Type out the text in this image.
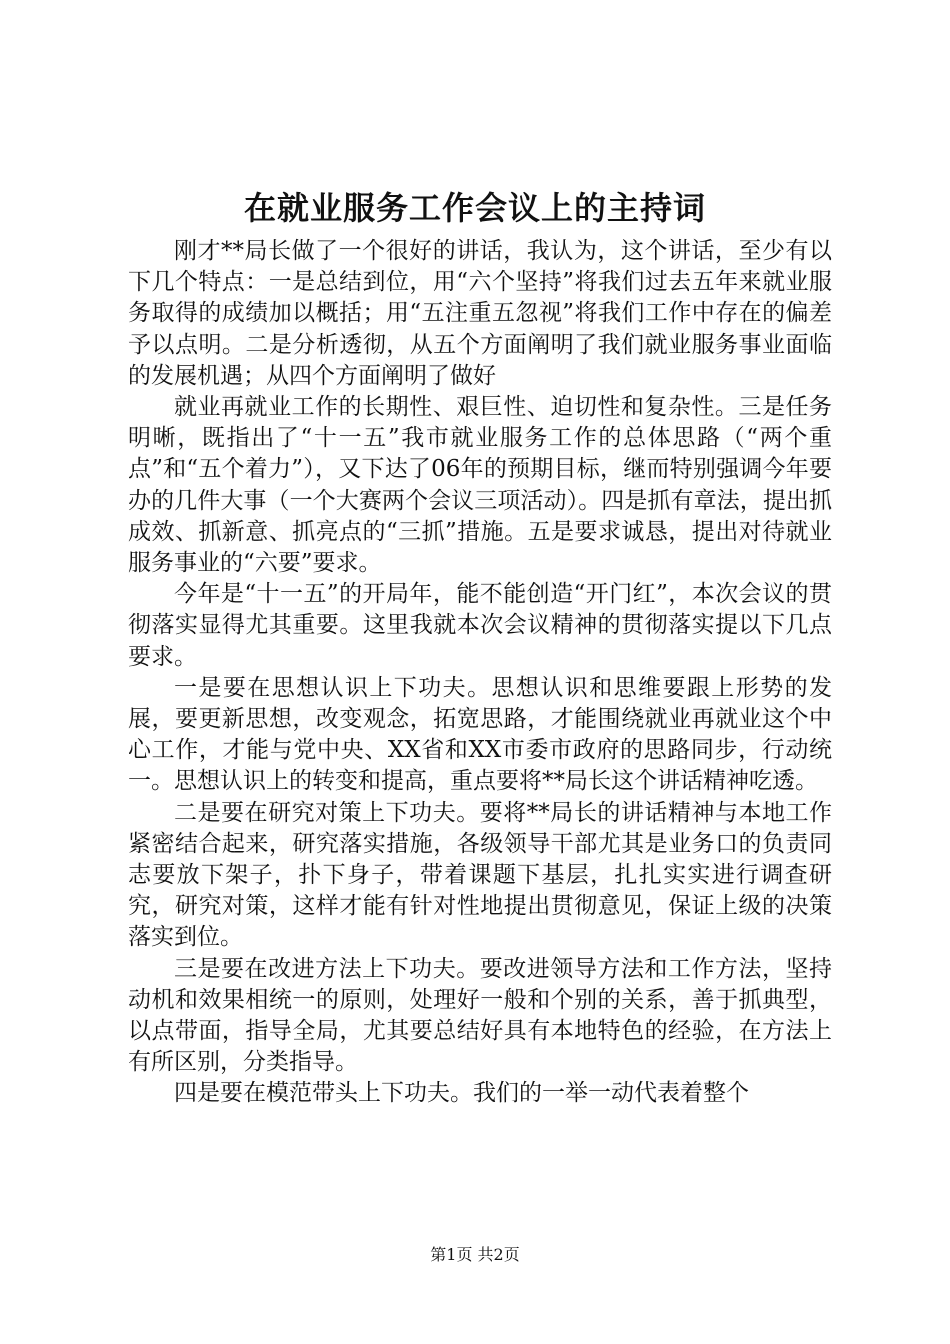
在就业服务工作会议上的主持词

刚才**局长做了一个很好的讲话，我认为，这个讲话，至少有以下几个特点：一是总结到位，用“六个坚持”将我们过去五年来就业服务取得的成绩加以概括；用“五注重五忽视”将我们工作中存在的偏差予以点明。二是分析透彻，从五个方面阐明了我们就业服务事业面临的发展机遇；从四个方面阐明了做好

就业再就业工作的长期性、艰巨性、迫切性和复杂性。三是任务明晰，既指出了“十一五”我市就业服务工作的总体思路（“两个重点”和“五个着力”），又下达了06年的预期目标，继而特别强调今年要办的几件大事（一个大赛两个会议三项活动）。四是抓有章法，提出抓成效、抓新意、抓亮点的“三抓”措施。五是要求诚恳，提出对待就业服务事业的“六要”要求。

今年是“十一五”的开局年，能不能创造“开门红”，本次会议的贯彻落实显得尤其重要。这里我就本次会议精神的贯彻落实提以下几点要求。

一是要在思想认识上下功夫。思想认识和思维要跟上形势的发展，要更新思想，改变观念，拓宽思路，才能围绕就业再就业这个中心工作，才能与党中央、XX省和XX市委市政府的思路同步，行动统一。思想认识上的转变和提高，重点要将**局长这个讲话精神吃透。

二是要在研究对策上下功夫。要将**局长的讲话精神与本地工作紧密结合起来，研究落实措施，各级领导干部尤其是业务口的负责同志要放下架子，扑下身子，带着课题下基层，扎扎实实进行调查研究，研究对策，这样才能有针对性地提出贯彻意见，保证上级的决策落实到位。

三是要在改进方法上下功夫。要改进领导方法和工作方法，坚持动机和效果相统一的原则，处理好一般和个别的关系，善于抓典型，以点带面，指导全局，尤其要总结好具有本地特色的经验，在方法上有所区别，分类指导。

四是要在模范带头上下功夫。我们的一举一动代表着整个

第1页 共2页
